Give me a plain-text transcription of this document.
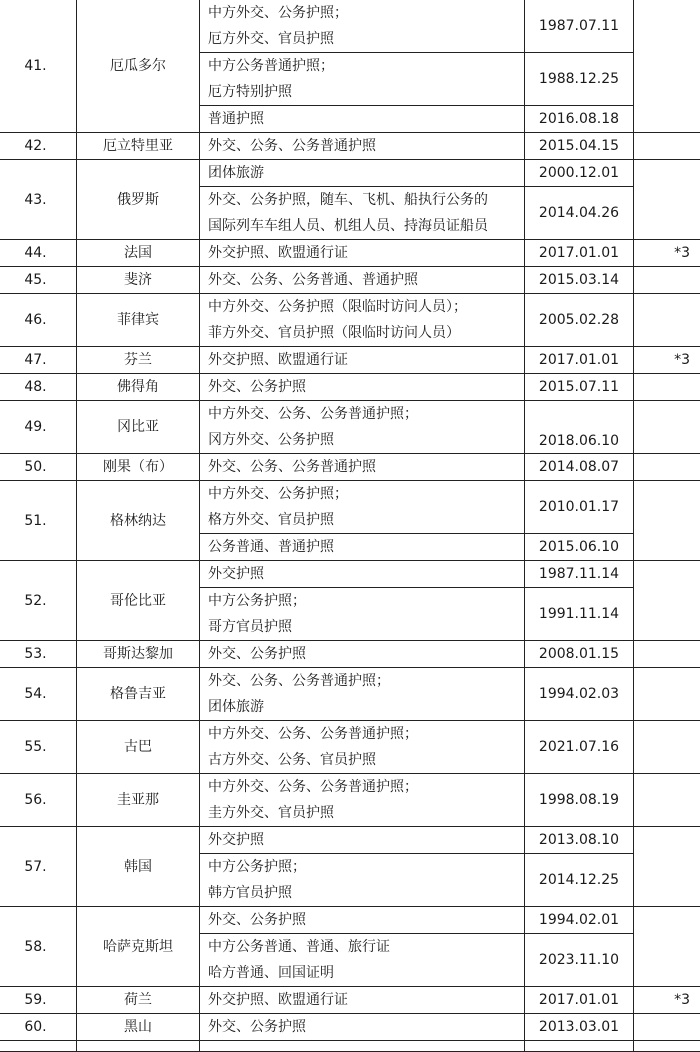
41.	厄瓜多尔	中方外交、公务护照；
厄方外交、官员护照	1987.07.11	

		中方公务普通护照；
厄方特别护照	1988.12.25	

		普通护照	2016.08.18	
42.	厄立特里亚	外交、公务、公务普通护照	2015.04.15	
43.	俄罗斯	团体旅游	2000.12.01	

		外交、公务护照，随车、飞机、船执行公务的
国际列车车组人员、机组人员、持海员证船员	2014.04.26	
44.	法国	外交护照、欧盟通行证	2017.01.01	*3
45.	斐济	外交、公务、公务普通、普通护照	2015.03.14	
46.	菲律宾	中方外交、公务护照（限临时访问人员）；
菲方外交、官员护照（限临时访问人员）	2005.02.28	
47.	芬兰	外交护照、欧盟通行证	2017.01.01	*3
48.	佛得角	外交、公务护照	2015.07.11	
49.	冈比亚	中方外交、公务、公务普通护照；
冈方外交、公务护照	2018.06.10	
50.	刚果（布）	外交、公务、公务普通护照	2014.08.07	
51.	格林纳达	中方外交、公务护照；
格方外交、官员护照	2010.01.17	

		公务普通、普通护照	2015.06.10	
52.	哥伦比亚	外交护照	1987.11.14	

		中方公务护照；
哥方官员护照	1991.11.14	
53.	哥斯达黎加	外交、公务护照	2008.01.15	
54.	格鲁吉亚	外交、公务、公务普通护照；
团体旅游	1994.02.03	
55.	古巴	中方外交、公务、公务普通护照；
古方外交、公务、官员护照	2021.07.16	
56.	圭亚那	中方外交、公务、公务普通护照；
圭方外交、官员护照	1998.08.19	
57.	韩国	外交护照	2013.08.10	

		中方公务护照；
韩方官员护照	2014.12.25	
58.	哈萨克斯坦	外交、公务护照	1994.02.01	

		中方公务普通、普通、旅行证
哈方普通、回国证明	2023.11.10	
59.	荷兰	外交护照、欧盟通行证	2017.01.01	*3
60.	黑山	外交、公务护照	2013.03.01	
